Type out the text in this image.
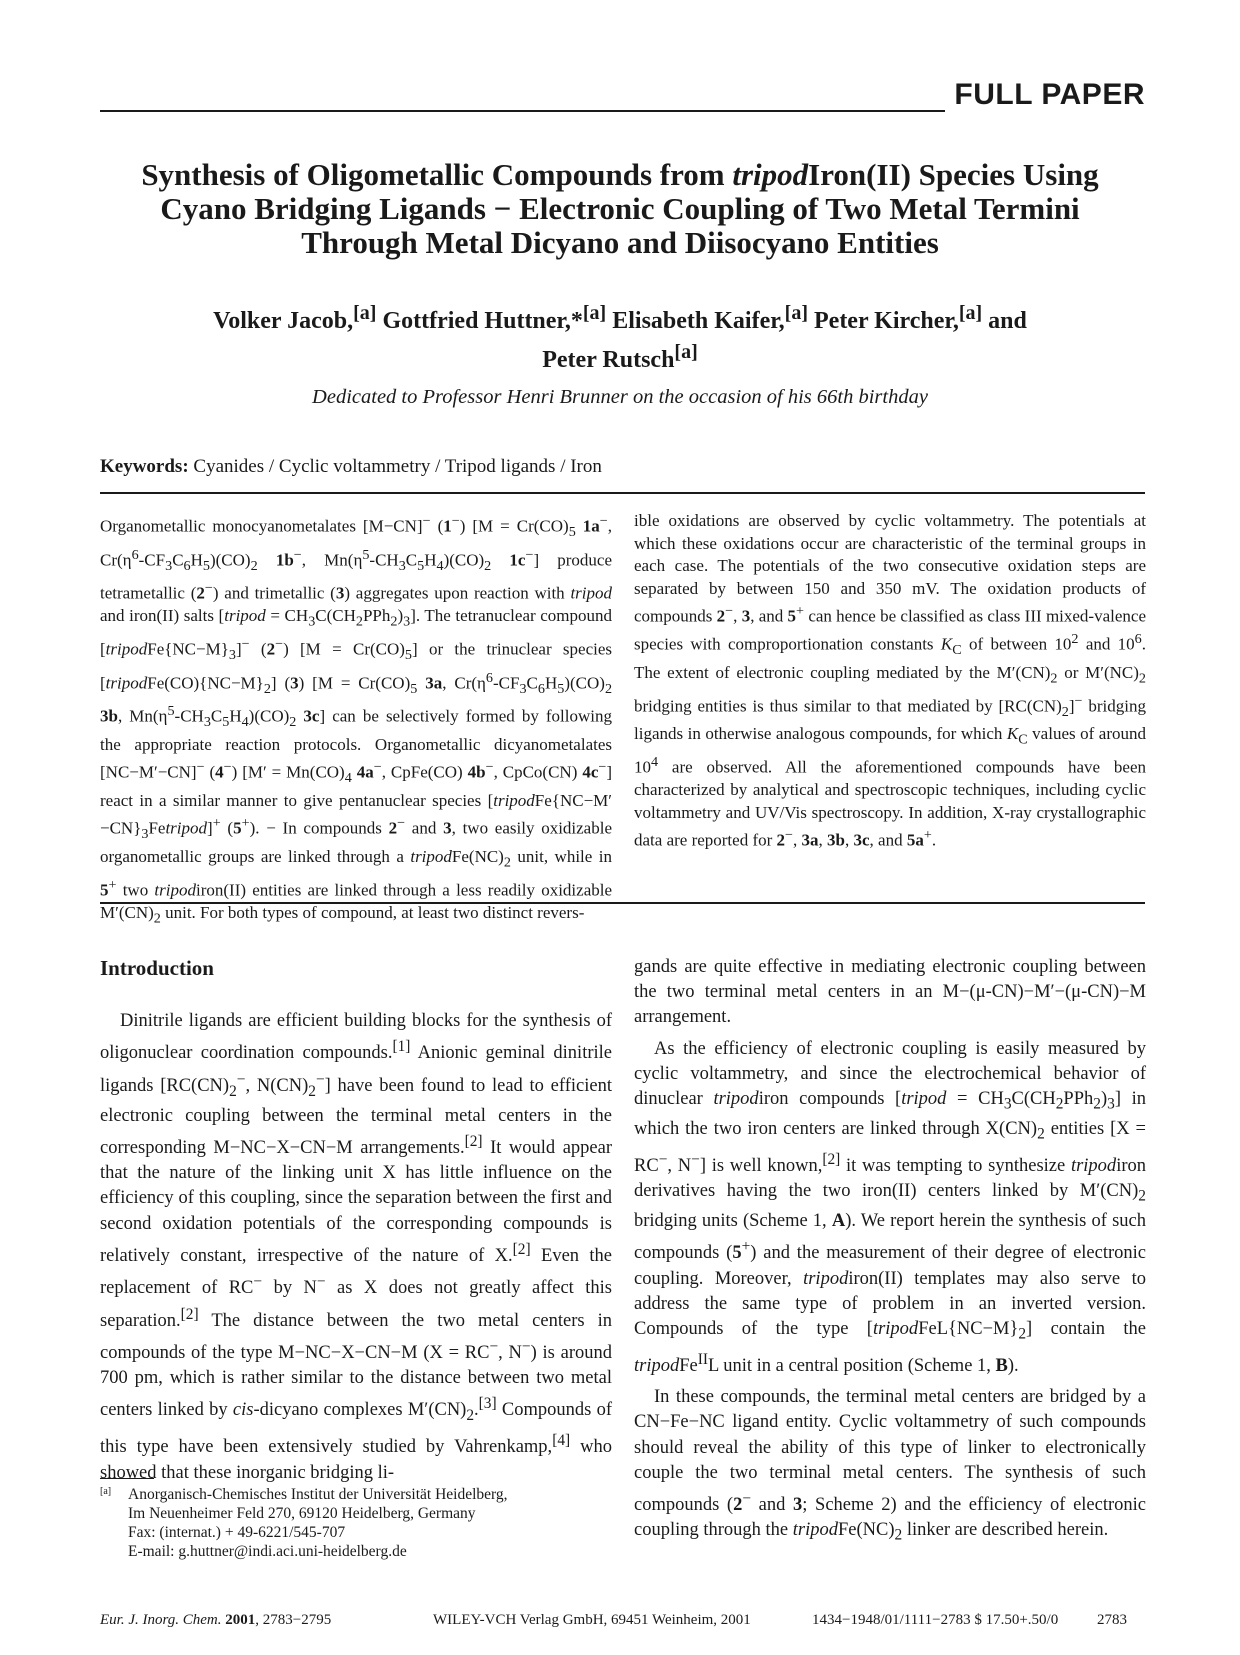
FULL PAPER
Synthesis of Oligometallic Compounds from tripodIron(II) Species Using Cyano Bridging Ligands − Electronic Coupling of Two Metal Termini Through Metal Dicyano and Diisocyano Entities
Volker Jacob,[a] Gottfried Huttner,*[a] Elisabeth Kaifer,[a] Peter Kircher,[a] and
Peter Rutsch[a]
Dedicated to Professor Henri Brunner on the occasion of his 66th birthday
Keywords: Cyanides / Cyclic voltammetry / Tripod ligands / Iron
Organometallic monocyanometalates [M−CN]− (1−) [$M = Cr(CO)_5$ 1a−, $Cr(\eta^6-CF_3C_6H_5)(CO)_2$ 1b−, $Mn(\eta^5-CH_3C_5H_4)(CO)_2$ 1c−] produce tetrametallic (2−) and trimetallic (3) aggregates upon reaction with tripod and iron(II) salts [tripod = $CH_3C(CH_2PPh_2)_3$]. The tetranuclear compound $[tripodFe\{NC-M\}_3]^-$ (2−) $[M = Cr(CO)_5]$ or the trinuclear species $[tripodFe(CO)\{NC-M\}_2]$ (3) [$M = Cr(CO)_5$ 3a, $Cr(\eta^6-CF_3C_6H_5)(CO)_2$ 3b, $Mn(\eta^5-CH_3C_5H_4)(CO)_2$ 3c] can be selectively formed by following the appropriate reaction protocols. Organometallic dicyanometalates [NC−M′−CN]− (4−) [$M' = Mn(CO)_4$ 4a−, CpFe(CO) 4b−, CpCo(CN) 4c−] react in a similar manner to give pentanuclear species $[tripodFe\{NC-M'-CN\}_3Fetripod]^+$ (5+). − In compounds 2− and 3, two easily oxidizable organometallic groups are linked through a $tripodFe(NC)_2$ unit, while in 5+ two tripodiron(II) entities are linked through a less readily oxidizable $M'(CN)_2$ unit. For both types of compound, at least two distinct revers-
ible oxidations are observed by cyclic voltammetry. The potentials at which these oxidations occur are characteristic of the terminal groups in each case. The potentials of the two consecutive oxidation steps are separated by between 150 and 350 mV. The oxidation products of compounds 2−, 3, and 5+ can hence be classified as class III mixed-valence species with comproportionation constants $K_C$ of between $10^2$ and $10^6$. The extent of electronic coupling mediated by the $M'(CN)_2$ or $M'(NC)_2$ bridging entities is thus similar to that mediated by $[RC(CN)_2]^-$ bridging ligands in otherwise analogous compounds, for which $K_C$ values of around $10^4$ are observed. All the aforementioned compounds have been characterized by analytical and spectroscopic techniques, including cyclic voltammetry and UV/Vis spectroscopy. In addition, X-ray crystallographic data are reported for 2−, 3a, 3b, 3c, and 5a+.
Introduction

Dinitrile ligands are efficient building blocks for the synthesis of oligonuclear coordination compounds.[1] Anionic geminal dinitrile ligands [$RC(CN)_2^-$, $N(CN)_2^-$] have been found to lead to efficient electronic coupling between the terminal metal centers in the corresponding M−NC−X−CN−M arrangements.[2] It would appear that the nature of the linking unit X has little influence on the efficiency of this coupling, since the separation between the first and second oxidation potentials of the corresponding compounds is relatively constant, irrespective of the nature of X.[2] Even the replacement of RC− by N− as X does not greatly affect this separation.[2] The distance between the two metal centers in compounds of the type M−NC−X−CN−M (X = RC−, N−) is around 700 pm, which is rather similar to the distance between two metal centers linked by cis-dicyano complexes $M'(CN)_2.[3]$ Compounds of this type have been extensively studied by Vahrenkamp,[4] who showed that these inorganic bridging li-

gands are quite effective in mediating electronic coupling between the two terminal metal centers in an M−(μ-CN)−M′−(μ-CN)−M arrangement.

As the efficiency of electronic coupling is easily measured by cyclic voltammetry, and since the electrochemical behavior of dinuclear tripodiron compounds [tripod = $CH_3C(CH_2PPh_2)_3$] in which the two iron centers are linked through $X(CN)_2$ entities [X = RC−, N−] is well known,[2] it was tempting to synthesize tripodiron derivatives having the two iron(II) centers linked by $M'(CN)_2$ bridging units (Scheme 1, A). We report herein the synthesis of such compounds (5+) and the measurement of their degree of electronic coupling. Moreover, tripodiron(II) templates may also serve to address the same type of problem in an inverted version. Compounds of the type $[tripodFeL\{NC-M\}_2]$ contain the tripodFe$^{II}$L unit in a central position (Scheme 1, B).

In these compounds, the terminal metal centers are bridged by a CN−Fe−NC ligand entity. Cyclic voltammetry of such compounds should reveal the ability of this type of linker to electronically couple the two terminal metal centers. The synthesis of such compounds (2− and 3; Scheme 2) and the efficiency of electronic coupling through the $tripodFe(NC)_2$ linker are described herein.

[a] Anorganisch-Chemisches Institut der Universität Heidelberg,
Im Neuenheimer Feld 270, 69120 Heidelberg, Germany
Fax: (internat.) + 49-6221/545-707
E-mail: g.huttner@indi.aci.uni-heidelberg.de
Eur. J. Inorg. Chem. 2001, 2783−2795	WILEY-VCH Verlag GmbH, 69451 Weinheim, 2001	1434−1948/01/1111−2783 $ 17.50+.50/0	2783
